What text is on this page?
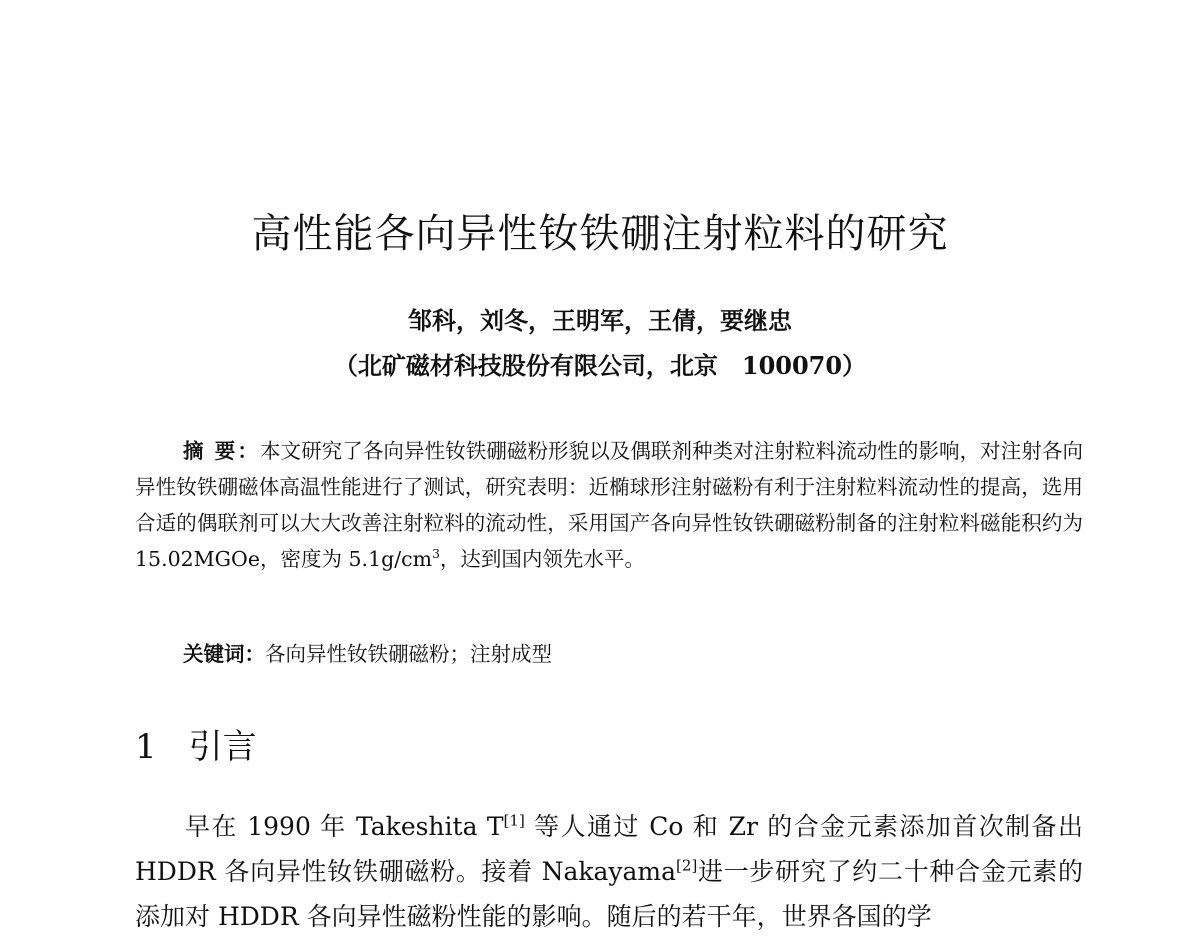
高性能各向异性钕铁硼注射粒料的研究
邹科，刘冬，王明军，王倩，要继忠
（北矿磁材科技股份有限公司，北京　100070）

摘 要：本文研究了各向异性钕铁硼磁粉形貌以及偶联剂种类对注射粒料流动性的影响，对注射各向异性钕铁硼磁体高温性能进行了测试，研究表明：近椭球形注射磁粉有利于注射粒料流动性的提高，选用合适的偶联剂可以大大改善注射粒料的流动性，采用国产各向异性钕铁硼磁粉制备的注射粒料磁能积约为 15.02MGOe，密度为 $5.1g/cm^3$，达到国内领先水平。

关键词：各向异性钕铁硼磁粉；注射成型
1 引言

早在 1990 年 Takeshita T[1] 等人通过 Co 和 Zr 的合金元素添加首次制备出 HDDR 各向异性钕铁硼磁粉。接着 Nakayama[2]进一步研究了约二十种合金元素的添加对 HDDR 各向异性磁粉性能的影响。随后的若干年，世界各国的学
